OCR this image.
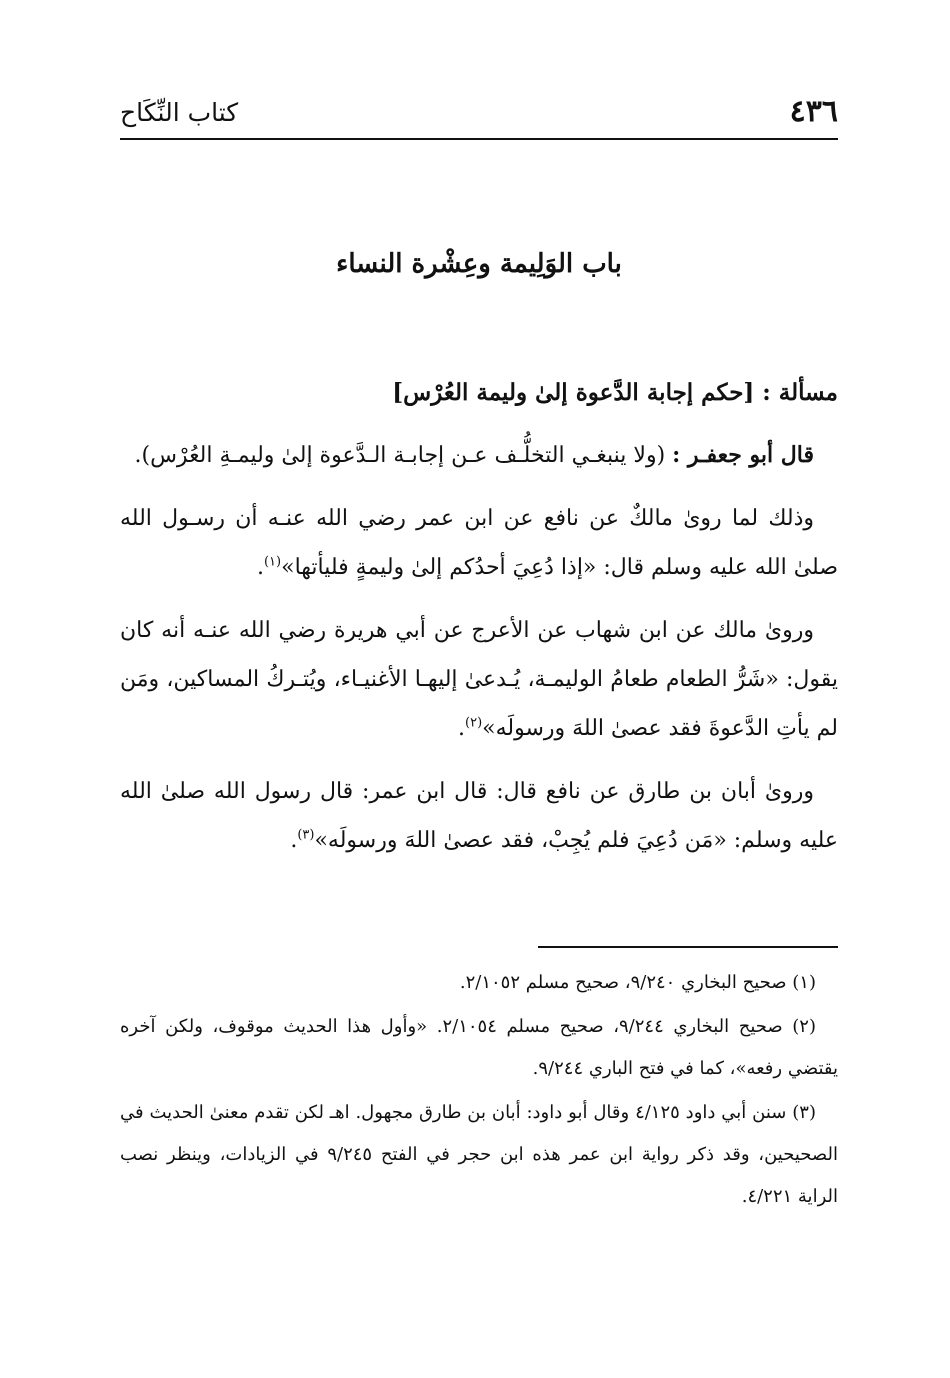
٤٣٦
كتاب النِّكَاح
باب الوَلِيمة وعِشْرة النساء

مسألة : [حكم إجابة الدَّعوة إلىٰ وليمة العُرْس]

قال أبو جعفـر : (ولا ينبغـي التخلُّـف عـن إجابـة الـدَّعوة إلىٰ وليمـةِ العُرْس).

وذلك لما رویٰ مالكٌ عن نافع عن ابن عمر رضي الله عنـه أن رسـول الله صلىٰ الله عليه وسلم قال: «إذا دُعِيَ أحدُكم إلىٰ وليمةٍ فليأتها»$^{(١)}$.

وروىٰ مالك عن ابن شهاب عن الأعرج عن أبي هريرة رضي الله عنـه أنه كان يقول: «شَرُّ الطعام طعامُ الوليمـة، يُـدعىٰ إليهـا الأغنيـاء، ويُتـركُ المساكين، ومَن لم يأتِ الدَّعوةَ فقد عصىٰ اللهَ ورسولَه»$^{(٢)}$.

وروىٰ أبان بن طارق عن نافع قال: قال ابن عمر: قال رسول الله صلىٰ الله عليه وسلم: «مَن دُعِيَ فلم يُجِبْ، فقد عصىٰ اللهَ ورسولَه»$^{(٣)}$.

(١) صحيح البخاري ٩/٢٤٠، صحيح مسلم ٢/١٠٥٢.

(٢) صحيح البخاري ٩/٢٤٤، صحيح مسلم ٢/١٠٥٤. «وأول هذا الحديث موقوف، ولكن آخره يقتضي رفعه»، كما في فتح الباري ٩/٢٤٤.

(٣) سنن أبي داود ٤/١٢٥ وقال أبو داود: أبان بن طارق مجهول. اهـ لكن تقدم معنىٰ الحديث في الصحيحين، وقد ذكر رواية ابن عمر هذه ابن حجر في الفتح ٩/٢٤٥ في الزيادات، وينظر نصب الراية ٤/٢٢١.
